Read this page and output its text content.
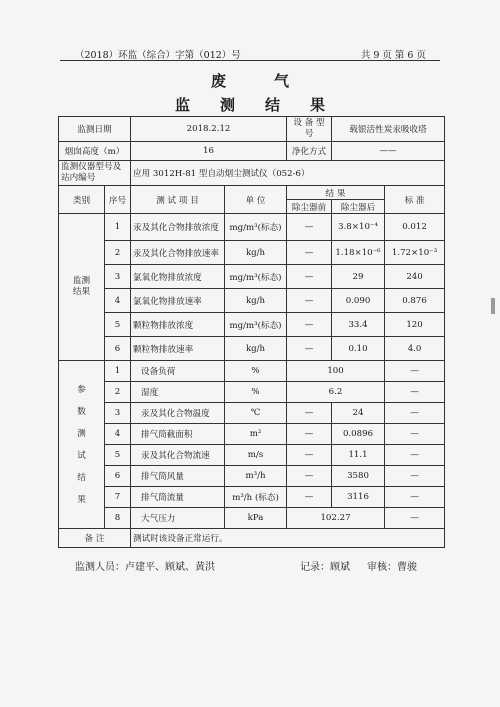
（2018）环监（综合）字第（012）号	共 9 页 第 6 页
废气
监测结果
监测日期		2018.2.12		设 备 型 号	载银活性炭汞吸收塔	
烟囱高度（m）		16		净化方式	——	
监测仪器型号及站内编号		应用 3012H-81 型自动烟尘测试仪（052-6）				
类别	序号	测 试 项 目	单 位	结 果		标 准
				除尘器前	除尘器后	
监测 结果	1	汞及其化合物排放浓度	mg/m³(标态)	—	3.8×10⁻⁴	0.012
	2	汞及其化合物排放速率	kg/h	—	1.18×10⁻⁶	1.72×10⁻³
	3	氯氧化物排放浓度	mg/m³(标态)	—	29	240
	4	氯氧化物排放速率	kg/h	—	0.090	0.876
	5	颗粒物排放浓度	mg/m³(标态)	—	33.4	120
	6	颗粒物排放速率	kg/h	—	0.10	4.0
参 数 测 试 结 果	1	设备负荷	%	100		—
	2	湿度	%	6.2		—
	3	汞及其化合物温度	℃	—	24	—
	4	排气筒截面积	m²	—	0.0896	—
	5	汞及其化合物流速	m/s	—	11.1	—
	6	排气筒风量	m³/h	—	3580	—
	7	排气筒流量	m³/h (标态)	—	3116	—
	8	大气压力	kPa	102.27		—
备 注		测试时该设备正常运行。				
监测人员：卢建平、顾斌、黄洪	记录：顾斌 审核：曹骏
